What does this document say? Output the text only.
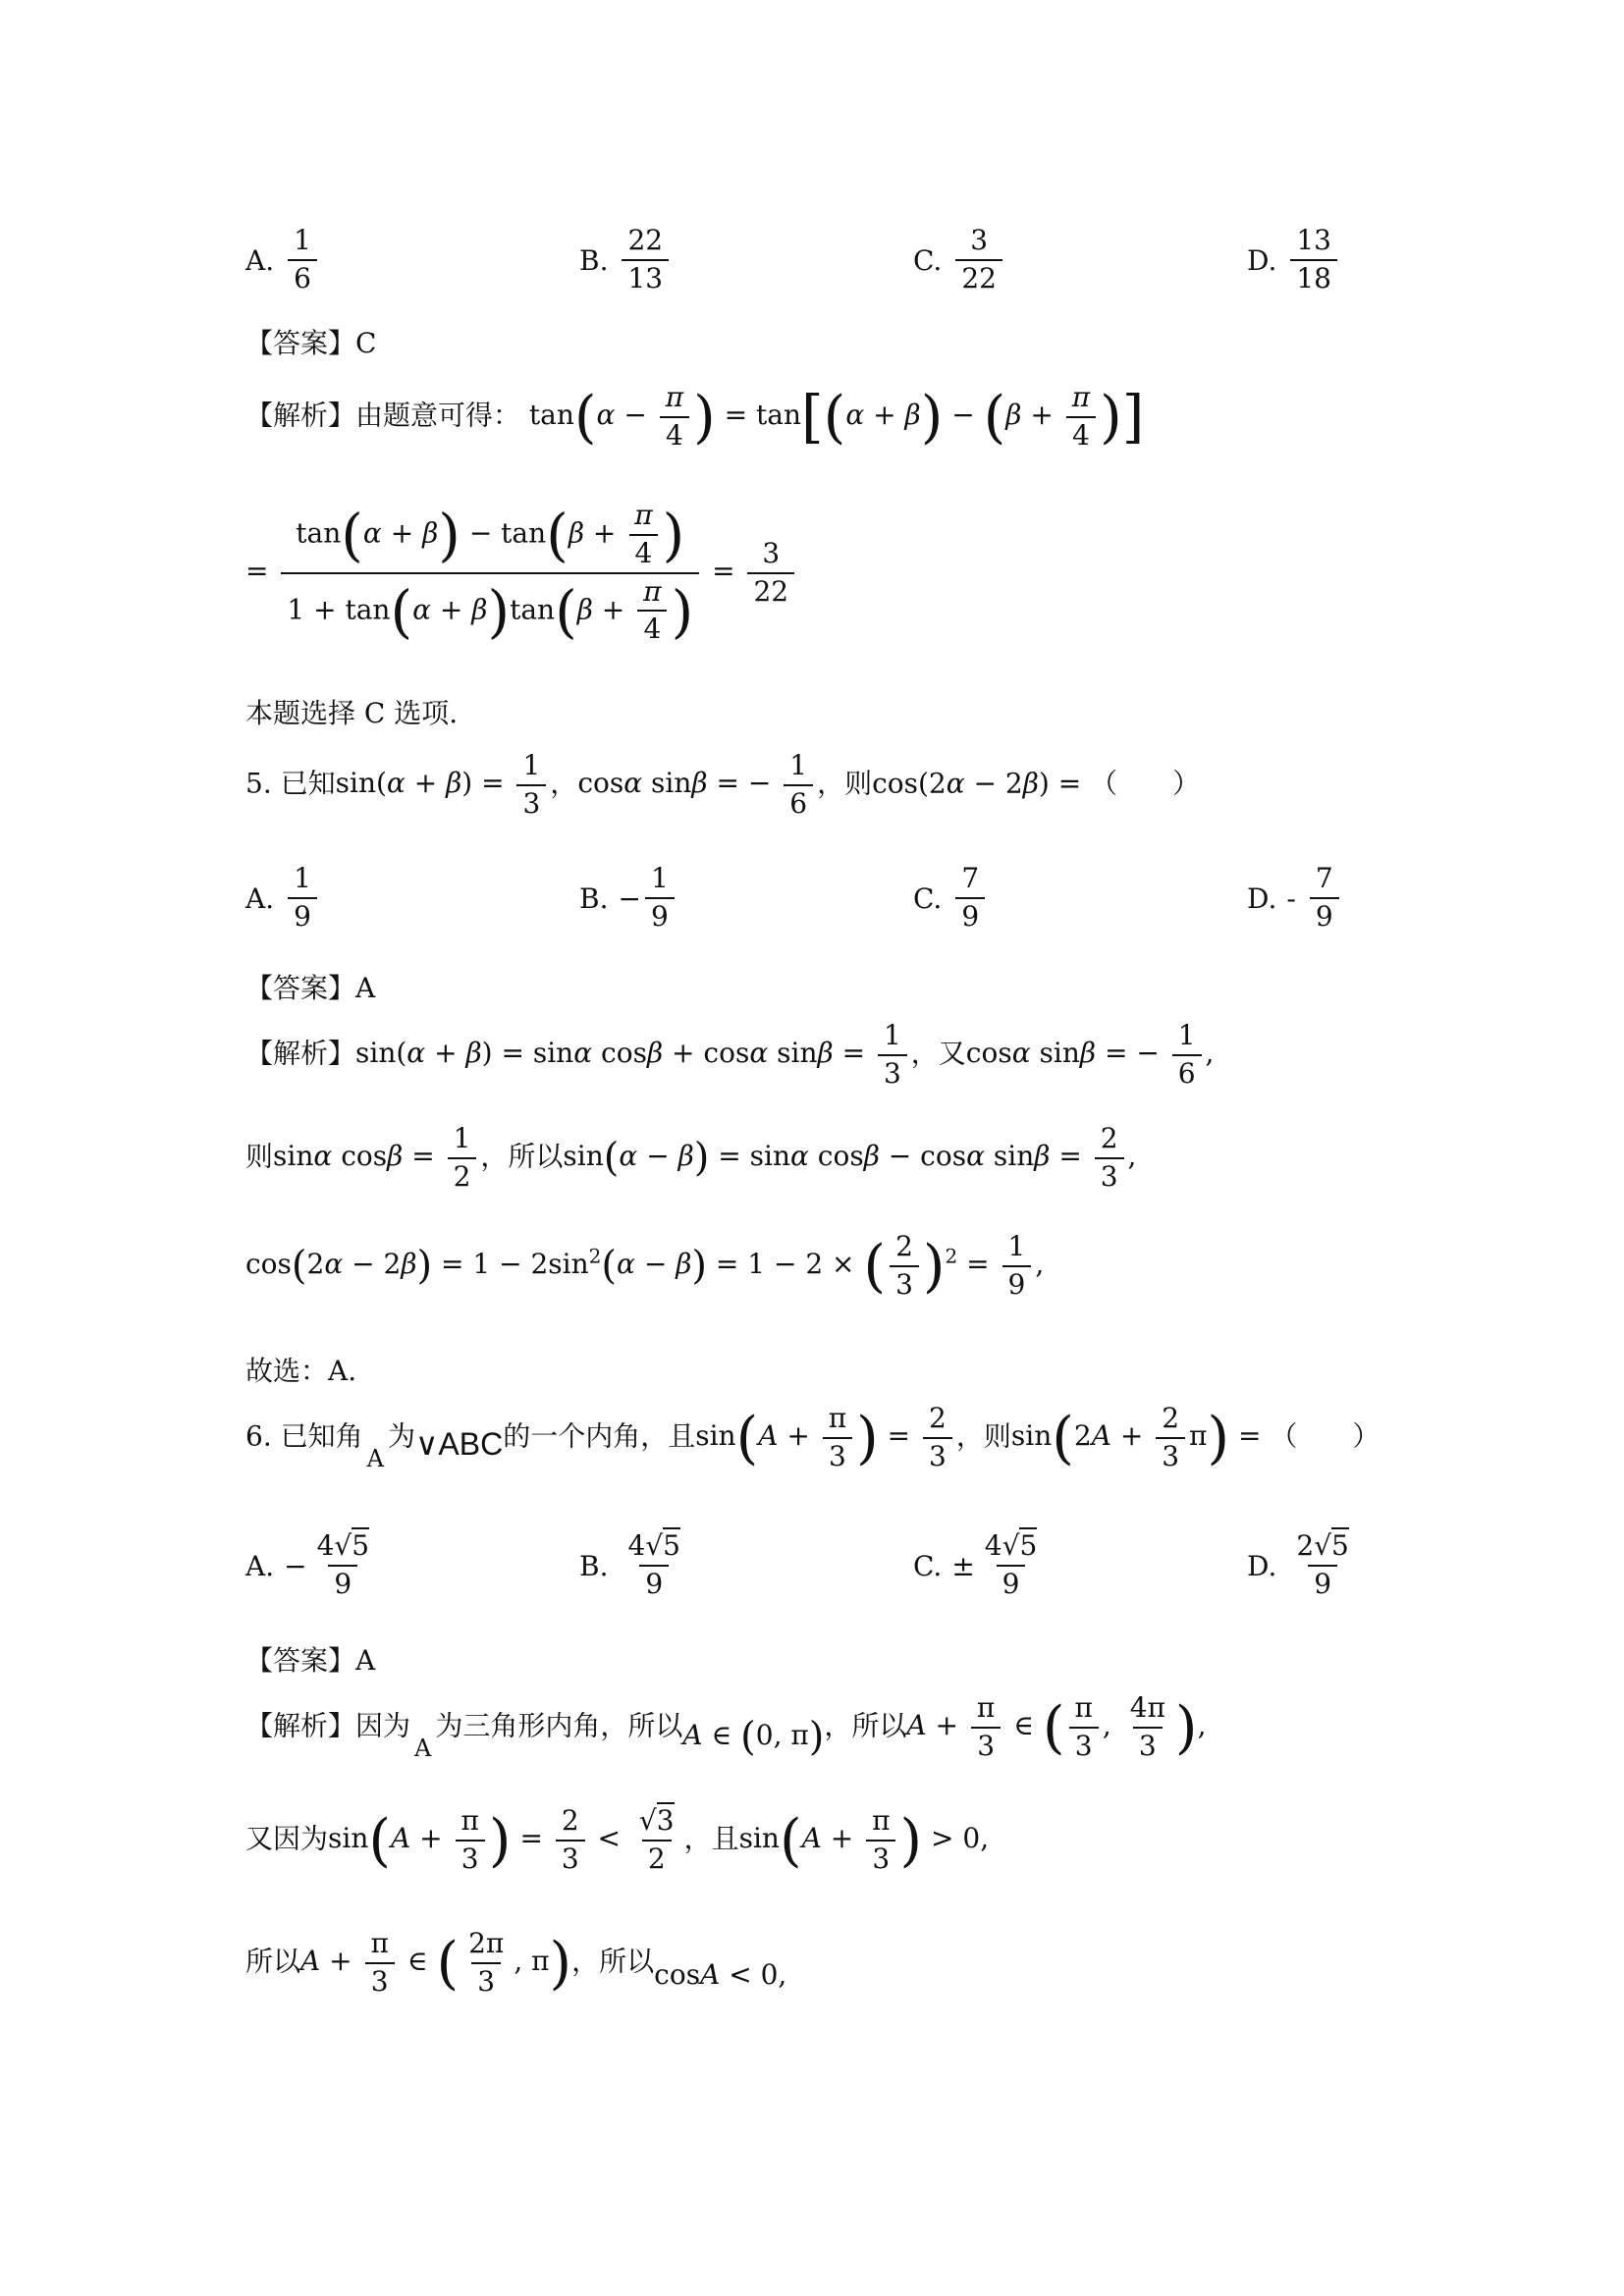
A. $\frac{1}{6}$	B. $\frac{22}{13}$	C. $\frac{3}{22}$	D. $\frac{13}{18}$
【答案】C
【解析】由题意可得： $\tan(\alpha - \frac{\pi}{4}$ ) = $\tan[(\alpha + \beta) - (\beta + \frac{\pi}{4}$ )]
= $\frac{\tan(\alpha + \beta) - \tan(\beta + \frac{\pi}{4} )}{1 + \tan(\alpha + \beta)\tan(\beta + \frac{\pi}{4} )} = \frac{3}{22}$
本题选择 C 选项.
5. 已知$\sin(\alpha + \beta) = \frac{1}{3}$ ，cosα sinβ = − $\frac{1}{6}$ ，则cos(2α − 2β) = （　　）
A. $\frac{1}{9}$	B. − $\frac{1}{9}$	C. $\frac{7}{9}$	D. - $\frac{7}{9}$
【答案】A
【解析】sin(α + β) = sinα cosβ + cosα $\sin\beta = \frac{1}{3}$ ，又cosα sinβ = − $\frac{1}{6}$ ,
则sinα $\cos\beta = \frac{1}{2}$ ，所以sin(α − β) = sinα cosβ − cosα $\sin\beta = \frac{2}{3}$ ,
$\cos(2\alpha - 2\beta) = 1 - 2\sin^2(\alpha - \beta) = 1 - 2$ × ( $\frac{2}{3} )^2 = \frac{1}{9}$ ,
故选：A.
6. 已知角A为∨ABC的一个内角，且$\sin(A + \frac{\pi}{3}$ ) = $\frac{2}{3}$ ，则$\sin(2A + \frac{2}{3} \pi)$ = （　　）
A. − $\frac{4√5}{9}$	B. $\frac{4√5}{9}$	C. ± $\frac{4√5}{9}$	D. $\frac{2√5}{9}$
【答案】A
【解析】因为A为三角形内角，所以A ∈ (0, π)，所以$A + \frac{\pi}{3}$ ∈ ( $\frac{\pi}{3}$ , $\frac{4\pi}{3}$ ),
又因为$\sin(A + \frac{\pi}{3}$ ) = $\frac{2}{3} < \frac{√3}{2}$ ，且$\sin(A + \frac{\pi}{3}$ ) > 0,
所以$A + \frac{\pi}{3}$ ∈ ( $\frac{2\pi}{3}$ , π)，所以cosA < 0,
